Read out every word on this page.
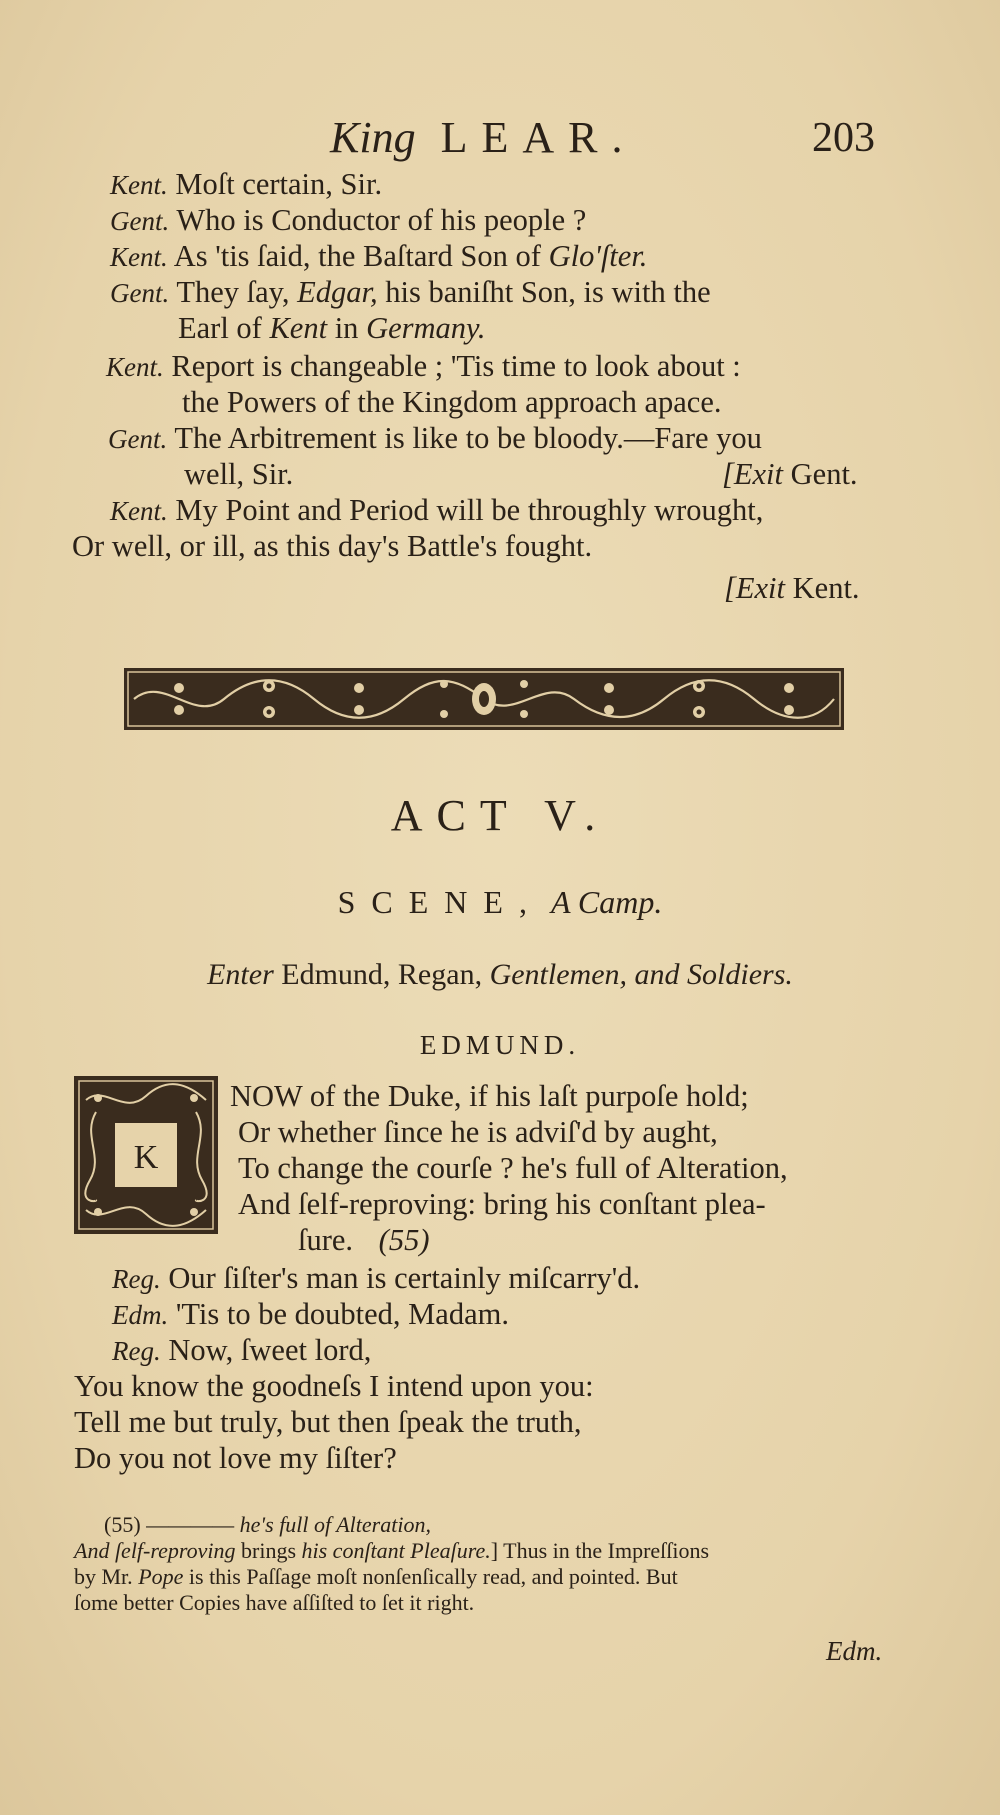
King LEAR.	203
Kent. Moſt certain, Sir.
Gent. Who is Conductor of his people ?
Kent. As 'tis ſaid, the Baſtard Son of Glo'ſter.
Gent. They ſay, Edgar, his baniſht Son, is with the
Earl of Kent in Germany.
Kent. Report is changeable ; 'Tis time to look about :
the Powers of the Kingdom approach apace.
Gent. The Arbitrement is like to be bloody.—Fare you
well, Sir.	[Exit Gent.
Kent. My Point and Period will be throughly wrought,
Or well, or ill, as this day's Battle's fought.
[Exit Kent.
ACT V.
SCENE, A Camp.
Enter Edmund, Regan, Gentlemen, and Soldiers.
EDMUND.
K
NOW of the Duke, if his laſt purpoſe hold;
Or whether ſince he is adviſ'd by aught,
To change the courſe ? he's full of Alteration,
And ſelf-reproving: bring his conſtant plea-
ſure. (55)
Reg. Our ſiſter's man is certainly miſcarry'd.
Edm. 'Tis to be doubted, Madam.
Reg. Now, ſweet lord,
You know the goodneſs I intend upon you:
Tell me but truly, but then ſpeak the truth,
Do you not love my ſiſter?
(55) ———— he's full of Alteration,
And ſelf-reproving brings his conſtant Pleaſure.] Thus in the Impreſſions
by Mr. Pope is this Paſſage moſt nonſenſically read, and pointed. But
ſome better Copies have aſſiſted to ſet it right.
Edm.
